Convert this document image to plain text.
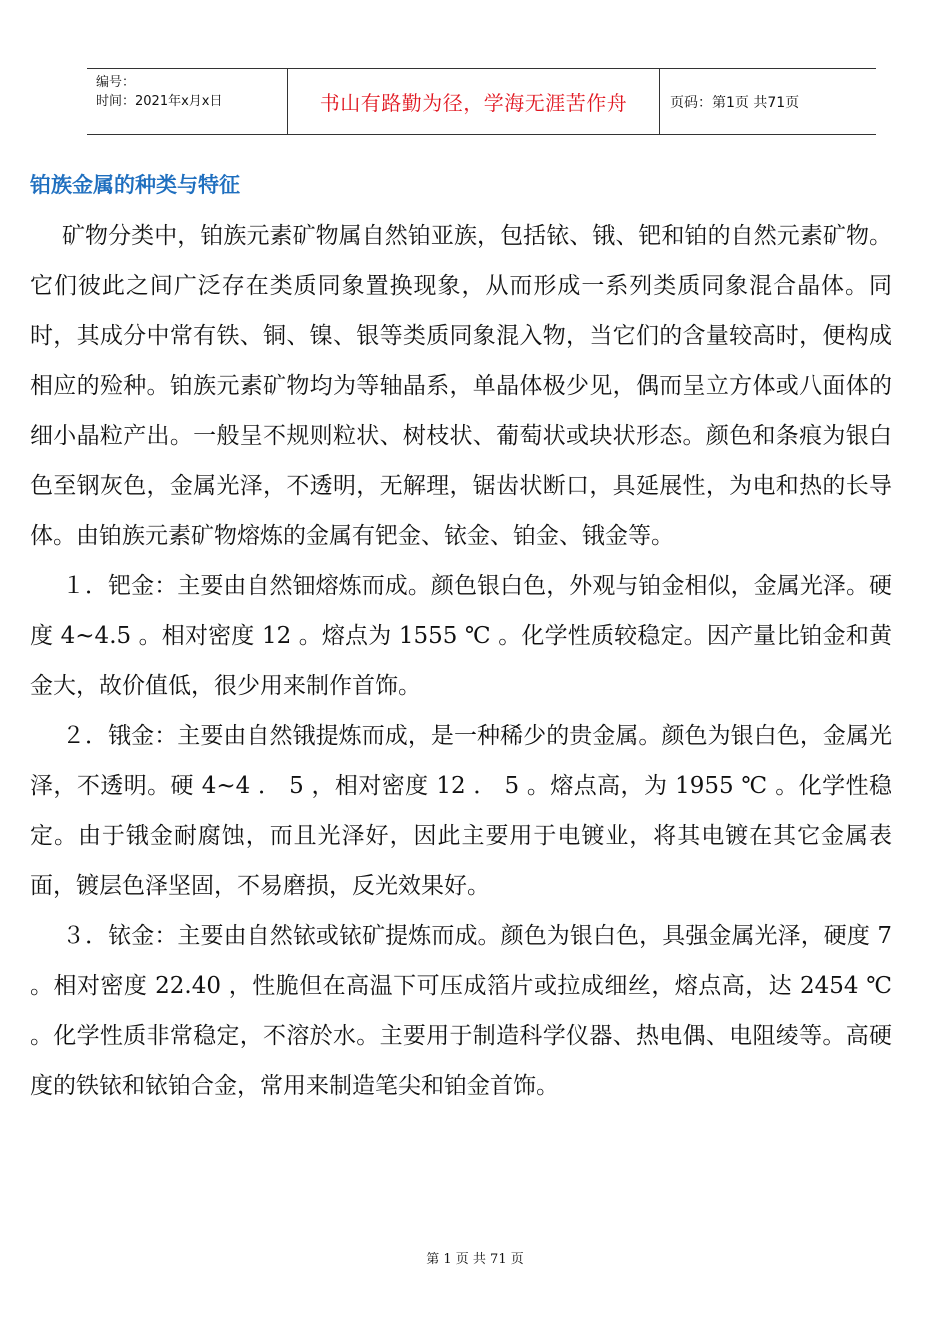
编号：
时间：2021年x月x日	书山有路勤为径，学海无涯苦作舟	页码：第1页 共71页
铂族金属的种类与特征

矿物分类中，铂族元素矿物属自然铂亚族，包括铱、锇、钯和铂的自然元素矿物。它们彼此之间广泛存在类质同象置换现象，从而形成一系列类质同象混合晶体。同时，其成分中常有铁、铜、镍、银等类质同象混入物，当它们的含量较高时，便构成相应的殓种。铂族元素矿物均为等轴晶系，单晶体极少见，偶而呈立方体或八面体的细小晶粒产出。一般呈不规则粒状、树枝状、葡萄状或块状形态。颜色和条痕为银白色至钢灰色，金属光泽，不透明，无解理，锯齿状断口，具延展性，为电和热的长导体。由铂族元素矿物熔炼的金属有钯金、铱金、铂金、锇金等。

１．钯金：主要由自然钿熔炼而成。颜色银白色，外观与铂金相似，金属光泽。硬度 4~4.5 。相对密度 12 。熔点为 1555 ℃ 。化学性质较稳定。因产量比铂金和黄金大，故价值低，很少用来制作首饰。

２．锇金：主要由自然锇提炼而成，是一种稀少的贵金属。颜色为银白色，金属光泽，不透明。硬 4~4 ． 5 ，相对密度 12 ． 5 。熔点高，为 1955 ℃ 。化学性稳定。由于锇金耐腐蚀，而且光泽好，因此主要用于电镀业，将其电镀在其它金属表面，镀层色泽坚固，不易磨损，反光效果好。

３．铱金：主要由自然铱或铱矿提炼而成。颜色为银白色，具强金属光泽，硬度 7 。相对密度 22.40 ，性脆但在高温下可压成箔片或拉成细丝，熔点高，达 2454 ℃ 。化学性质非常稳定，不溶於水。主要用于制造科学仪器、热电偶、电阻绫等。高硬度的铁铱和铱铂合金，常用来制造笔尖和铂金首饰。

第 1 页 共 71 页
